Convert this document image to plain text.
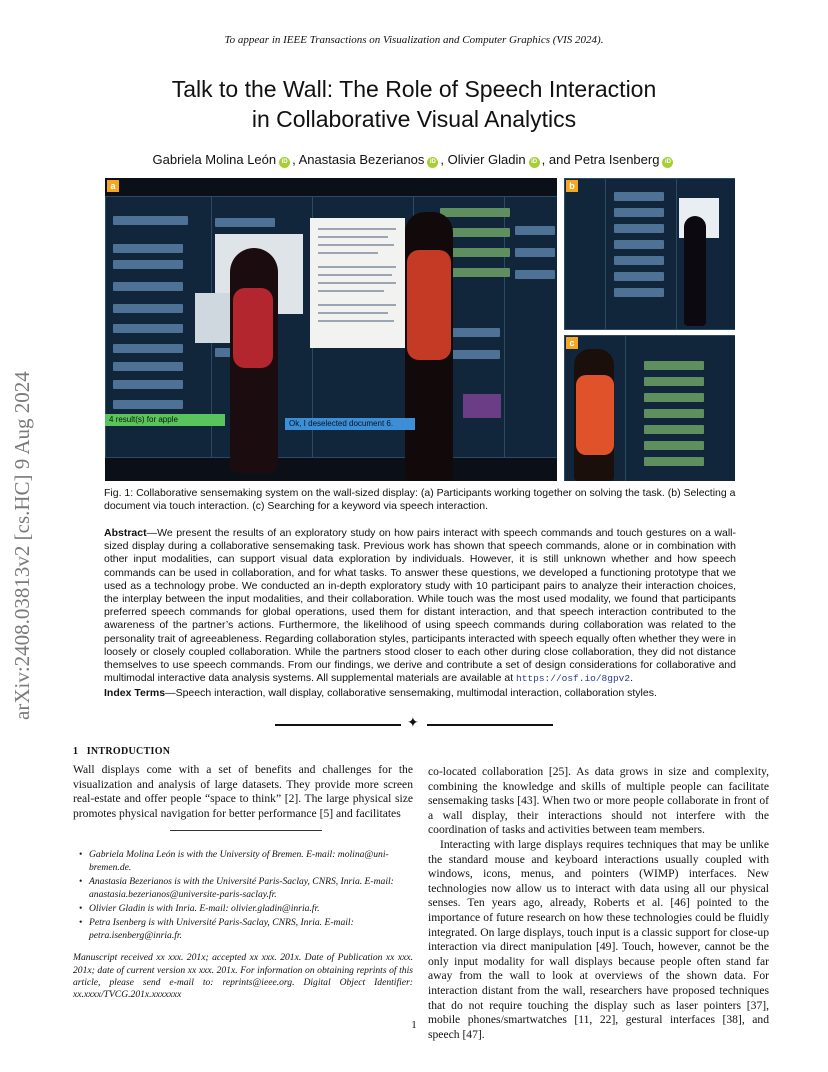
To appear in IEEE Transactions on Visualization and Computer Graphics (VIS 2024).
Talk to the Wall: The Role of Speech Interaction
in Collaborative Visual Analytics
Gabriela Molina León iD , Anastasia Bezerianos iD , Olivier Gladin iD , and Petra Isenberg iD
arXiv:2408.03813v2 [cs.HC] 9 Aug 2024
a
4 result(s) for apple	Ok, I deselected document 6.
b
c
Fig. 1: Collaborative sensemaking system on the wall-sized display: (a) Participants working together on solving the task. (b) Selecting a document via touch interaction. (c) Searching for a keyword via speech interaction.
Abstract—We present the results of an exploratory study on how pairs interact with speech commands and touch gestures on a wall-sized display during a collaborative sensemaking task. Previous work has shown that speech commands, alone or in combination with other input modalities, can support visual data exploration by individuals. However, it is still unknown whether and how speech commands can be used in collaboration, and for what tasks. To answer these questions, we developed a functioning prototype that we used as a technology probe. We conducted an in-depth exploratory study with 10 participant pairs to analyze their interaction choices, the interplay between the input modalities, and their collaboration. While touch was the most used modality, we found that participants preferred speech commands for global operations, used them for distant interaction, and that speech interaction contributed to the awareness of the partner’s actions. Furthermore, the likelihood of using speech commands during collaboration was related to the personality trait of agreeableness. Regarding collaboration styles, participants interacted with speech equally often whether they were in loosely or closely coupled collaboration. While the partners stood closer to each other during close collaboration, they did not distance themselves to use speech commands. From our findings, we derive and contribute a set of design considerations for collaborative and multimodal interactive data analysis systems. All supplemental materials are available at https://osf.io/8gpv2.
Index Terms—Speech interaction, wall display, collaborative sensemaking, multimodal interaction, collaboration styles.
✦
1 INTRODUCTION

Wall displays come with a set of benefits and challenges for the visualization and analysis of large datasets. They provide more screen real-estate and offer people “space to think” [2]. The large physical size promotes physical navigation for better performance [5] and facilitates

• Gabriela Molina León is with the University of Bremen. E-mail: molina@uni-bremen.de.
• Anastasia Bezerianos is with the Université Paris-Saclay, CNRS, Inria. E-mail: anastasia.bezerianos@universite-paris-saclay.fr.
• Olivier Gladin is with Inria. E-mail: olivier.gladin@inria.fr.
• Petra Isenberg is with Université Paris-Saclay, CNRS, Inria. E-mail: petra.isenberg@inria.fr.
Manuscript received xx xxx. 201x; accepted xx xxx. 201x. Date of Publication xx xxx. 201x; date of current version xx xxx. 201x. For information on obtaining reprints of this article, please send e-mail to: reprints@ieee.org. Digital Object Identifier: xx.xxxx/TVCG.201x.xxxxxxx

co-located collaboration [25]. As data grows in size and complexity, combining the knowledge and skills of multiple people can facilitate sensemaking tasks [43]. When two or more people collaborate in front of a wall display, their interactions should not interfere with the coordination of tasks and activities between team members.

Interacting with large displays requires techniques that may be unlike the standard mouse and keyboard interactions usually coupled with windows, icons, menus, and pointers (WIMP) interfaces. New technologies now allow us to interact with data using all our physical senses. Ten years ago, already, Roberts et al. [46] pointed to the importance of future research on how these technologies could be fluidly integrated. On large displays, touch input is a classic support for close-up interaction via direct manipulation [49]. Touch, however, cannot be the only input modality for wall displays because people often stand far away from the wall to look at overviews of the shown data. For interaction distant from the wall, researchers have proposed techniques that do not require touching the display such as laser pointers [37], mobile phones/smartwatches [11, 22], gestural interfaces [38], and speech [47].

1
